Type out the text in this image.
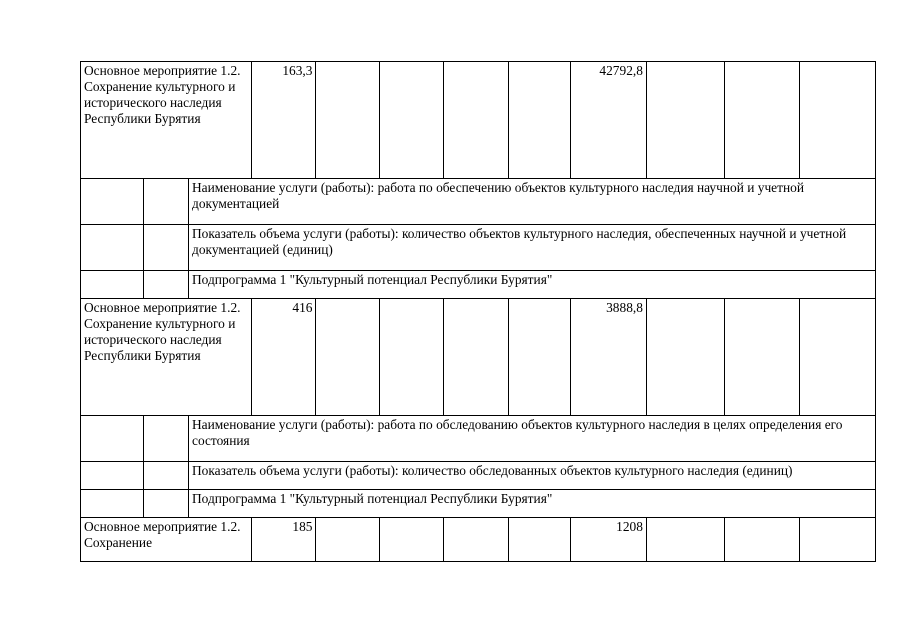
Основное мероприятие 1.2. Сохранение культурного и исторического наследия Республики Бурятия			163,3					42792,8			
		Наименование услуги (работы): работа по обеспечению объектов культурного наследия научной и учетной документацией									
		Показатель объема услуги (работы): количество объектов культурного наследия, обеспеченных научной и учетной документацией (единиц)									
		Подпрограмма 1 "Культурный потенциал Республики Бурятия"									
Основное мероприятие 1.2. Сохранение культурного и исторического наследия Республики Бурятия			416					3888,8			
		Наименование услуги (работы): работа по обследованию объектов культурного наследия в целях определения его состояния									
		Показатель объема услуги (работы): количество обследованных объектов культурного наследия (единиц)									
		Подпрограмма 1 "Культурный потенциал Республики Бурятия"									
Основное мероприятие 1.2. Сохранение			185					1208			
